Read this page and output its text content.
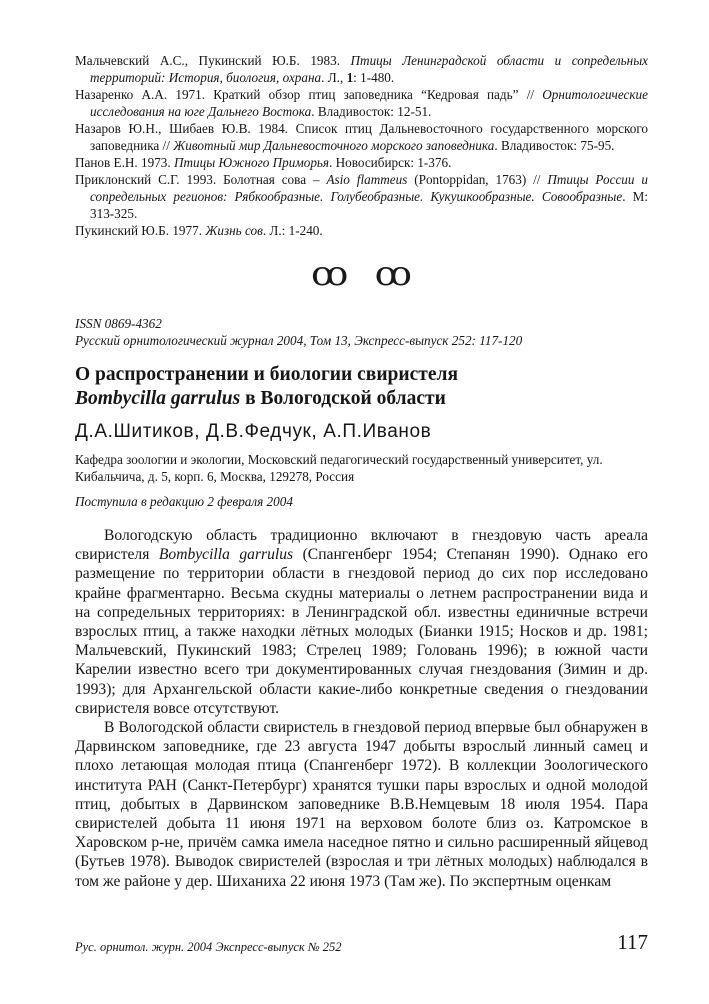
Мальчевский А.С., Пукинский Ю.Б. 1983. Птицы Ленинградской области и сопредельных территорий: История, биология, охрана. Л., 1: 1-480.

Назаренко А.А. 1971. Краткий обзор птиц заповедника “Кедровая падь” // Орнитологические исследования на юге Дальнего Востока. Владивосток: 12-51.

Назаров Ю.Н., Шибаев Ю.В. 1984. Список птиц Дальневосточного государственного морского заповедника // Животный мир Дальневосточного морского заповедника. Владивосток: 75-95.

Панов Е.Н. 1973. Птицы Южного Приморья. Новосибирск: 1-376.

Приклонский С.Г. 1993. Болотная сова – Asio flammeus (Pontoppidan, 1763) // Птицы России и сопредельных регионов: Рябкообразные. Голубеобразные. Кукушкообразные. Совообразные. М: 313-325.

Пукинский Ю.Б. 1977. Жизнь сов. Л.: 1-240.

ꝏ ꝏ
ISSN 0869-4362
Русский орнитологический журнал 2004, Том 13, Экспресс-выпуск 252: 117-120
О распространении и биологии свиристеля
Bombycilla garrulus в Вологодской области
Д.А.Шитиков, Д.В.Федчук, А.П.Иванов
Кафедра зоологии и экологии, Московский педагогический государственный университет, ул. Кибальчича, д. 5, корп. 6, Москва, 129278, Россия
Поступила в редакцию 2 февраля 2004

Вологодскую область традиционно включают в гнездовую часть ареала свиристеля Bombycilla garrulus (Спангенберг 1954; Степанян 1990). Однако его размещение по территории области в гнездовой период до сих пор исследовано крайне фрагментарно. Весьма скудны материалы о летнем распространении вида и на сопредельных территориях: в Ленинградской обл. известны единичные встречи взрослых птиц, а также находки лётных молодых (Бианки 1915; Носков и др. 1981; Мальчевский, Пукинский 1983; Стрелец 1989; Головань 1996); в южной части Карелии известно всего три документированных случая гнездования (Зимин и др. 1993); для Архангельской области какие-либо конкретные сведения о гнездовании свиристеля вовсе отсутствуют.

В Вологодской области свиристель в гнездовой период впервые был обнаружен в Дарвинском заповеднике, где 23 августа 1947 добыты взрослый линный самец и плохо летающая молодая птица (Спангенберг 1972). В коллекции Зоологического института РАН (Санкт-Петербург) хранятся тушки пары взрослых и одной молодой птиц, добытых в Дарвинском заповеднике В.В.Немцевым 18 июля 1954. Пара свиристелей добыта 11 июня 1971 на верховом болоте близ оз. Катромское в Харовском р-не, причём самка имела наседное пятно и сильно расширенный яйцевод (Бутьев 1978). Выводок свиристелей (взрослая и три лётных молодых) наблюдался в том же районе у дер. Шиханиха 22 июня 1973 (Там же). По экспертным оценкам

Рус. орнитол. журн. 2004 Экспресс-выпуск № 252	117
